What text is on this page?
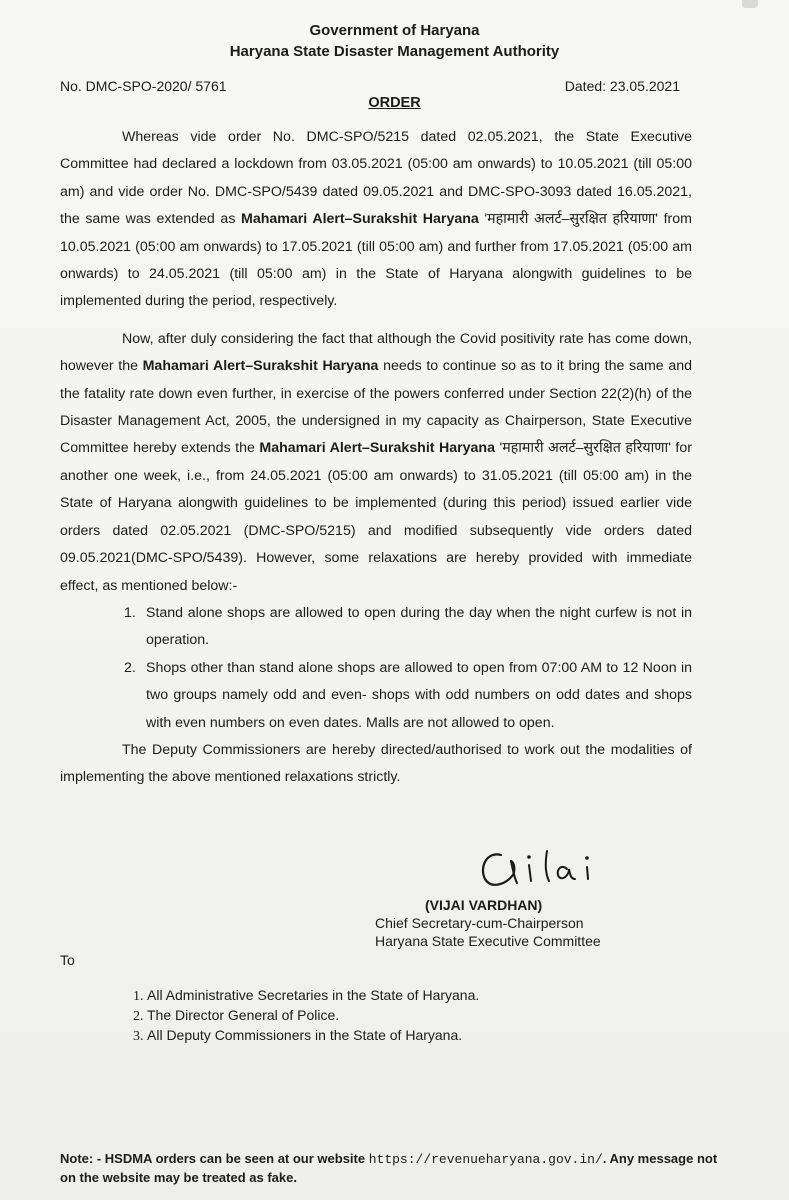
Government of Haryana
Haryana State Disaster Management Authority
No. DMC-SPO-2020/ 5761	Dated: 23.05.2021
ORDER

Whereas vide order No. DMC-SPO/5215 dated 02.05.2021, the State Executive Committee had declared a lockdown from 03.05.2021 (05:00 am onwards) to 10.05.2021 (till 05:00 am) and vide order No. DMC-SPO/5439 dated 09.05.2021 and DMC-SPO-3093 dated 16.05.2021, the same was extended as Mahamari Alert–Surakshit Haryana 'महामारी अलर्ट–सुरक्षित हरियाणा' from 10.05.2021 (05:00 am onwards) to 17.05.2021 (till 05:00 am) and further from 17.05.2021 (05:00 am onwards) to 24.05.2021 (till 05:00 am) in the State of Haryana alongwith guidelines to be implemented during the period, respectively.

Now, after duly considering the fact that although the Covid positivity rate has come down, however the Mahamari Alert–Surakshit Haryana needs to continue so as to it bring the same and the fatality rate down even further, in exercise of the powers conferred under Section 22(2)(h) of the Disaster Management Act, 2005, the undersigned in my capacity as Chairperson, State Executive Committee hereby extends the Mahamari Alert–Surakshit Haryana 'महामारी अलर्ट–सुरक्षित हरियाणा' for another one week, i.e., from 24.05.2021 (05:00 am onwards) to 31.05.2021 (till 05:00 am) in the State of Haryana alongwith guidelines to be implemented (during this period) issued earlier vide orders dated 02.05.2021 (DMC-SPO/5215) and modified subsequently vide orders dated 09.05.2021(DMC-SPO/5439). However, some relaxations are hereby provided with immediate effect, as mentioned below:-

1. Stand alone shops are allowed to open during the day when the night curfew is not in operation.
2. Shops other than stand alone shops are allowed to open from 07:00 AM to 12 Noon in two groups namely odd and even- shops with odd numbers on odd dates and shops with even numbers on even dates. Malls are not allowed to open.

The Deputy Commissioners are hereby directed/authorised to work out the modalities of implementing the above mentioned relaxations strictly.

(VIJAI VARDHAN)
Chief Secretary-cum-Chairperson
Haryana State Executive Committee
To
1. All Administrative Secretaries in the State of Haryana.
2. The Director General of Police.
3. All Deputy Commissioners in the State of Haryana.
Note: - HSDMA orders can be seen at our website https://revenueharyana.gov.in/. Any message not on the website may be treated as fake.
